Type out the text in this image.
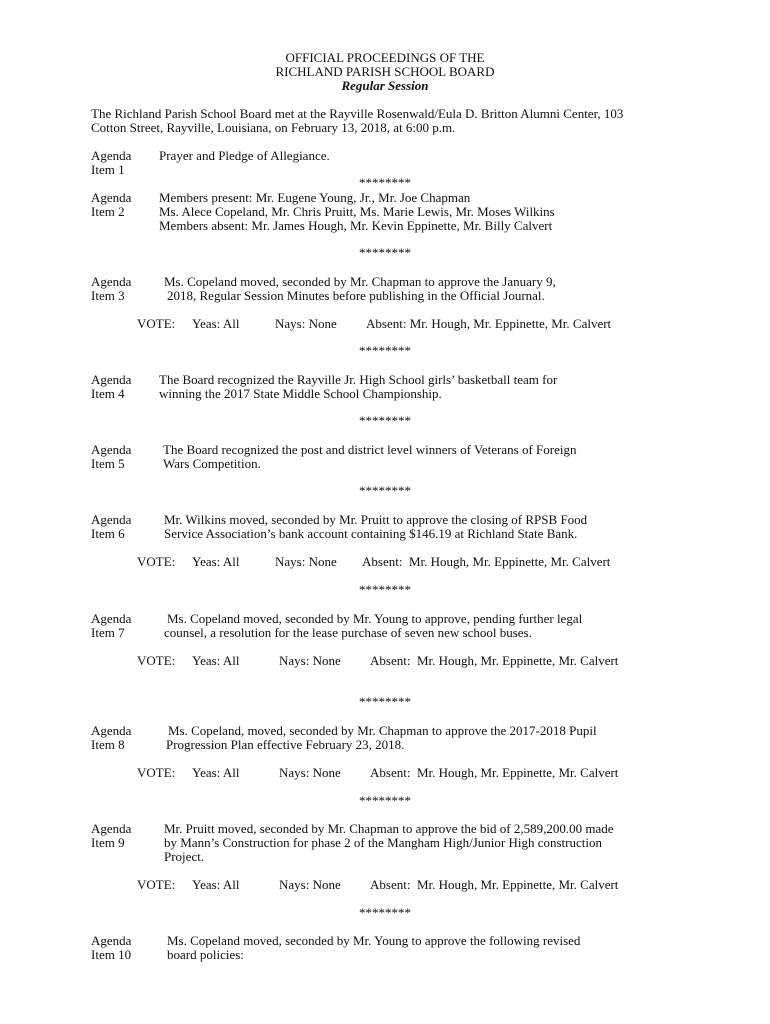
OFFICIAL PROCEEDINGS OF THE
RICHLAND PARISH SCHOOL BOARD
Regular Session
The Richland Parish School Board met at the Rayville Rosenwald/Eula D. Britton Alumni Center, 103
Cotton Street, Rayville, Louisiana, on February 13, 2018, at 6:00 p.m.
Agenda
Item 1
Prayer and Pledge of Allegiance.
********
Agenda
Item 2
Members present: Mr. Eugene Young, Jr., Mr. Joe Chapman
Ms. Alece Copeland, Mr. Chris Pruitt, Ms. Marie Lewis, Mr. Moses Wilkins
Members absent: Mr. James Hough, Mr. Kevin Eppinette, Mr. Billy Calvert
********
Agenda
Item 3
Ms. Copeland moved, seconded by Mr. Chapman to approve the January 9,
2018, Regular Session Minutes before publishing in the Official Journal.
VOTE: Yeas: All	Nays: None Absent: Mr. Hough, Mr. Eppinette, Mr. Calvert
********
Agenda
Item 4
The Board recognized the Rayville Jr. High School girls’ basketball team for
winning the 2017 State Middle School Championship.
********
Agenda
Item 5
The Board recognized the post and district level winners of Veterans of Foreign
Wars Competition.
********
Agenda
Item 6
Mr. Wilkins moved, seconded by Mr. Pruitt to approve the closing of RPSB Food
Service Association’s bank account containing $146.19 at Richland State Bank.
VOTE: Yeas: All	Nays: None Absent:  Mr. Hough, Mr. Eppinette, Mr. Calvert
********
Agenda
Item 7
Ms. Copeland moved, seconded by Mr. Young to approve, pending further legal
counsel, a resolution for the lease purchase of seven new school buses.
VOTE: Yeas: All	Nays: None Absent:  Mr. Hough, Mr. Eppinette, Mr. Calvert
********
Agenda
Item 8
Ms. Copeland, moved, seconded by Mr. Chapman to approve the 2017-2018 Pupil
Progression Plan effective February 23, 2018.
VOTE: Yeas: All	Nays: None Absent:  Mr. Hough, Mr. Eppinette, Mr. Calvert
********
Agenda
Item 9
Mr. Pruitt moved, seconded by Mr. Chapman to approve the bid of 2,589,200.00 made
by Mann’s Construction for phase 2 of the Mangham High/Junior High construction
Project.
VOTE: Yeas: All	Nays: None Absent:  Mr. Hough, Mr. Eppinette, Mr. Calvert
********
Agenda
Item 10
Ms. Copeland moved, seconded by Mr. Young to approve the following revised
board policies:
